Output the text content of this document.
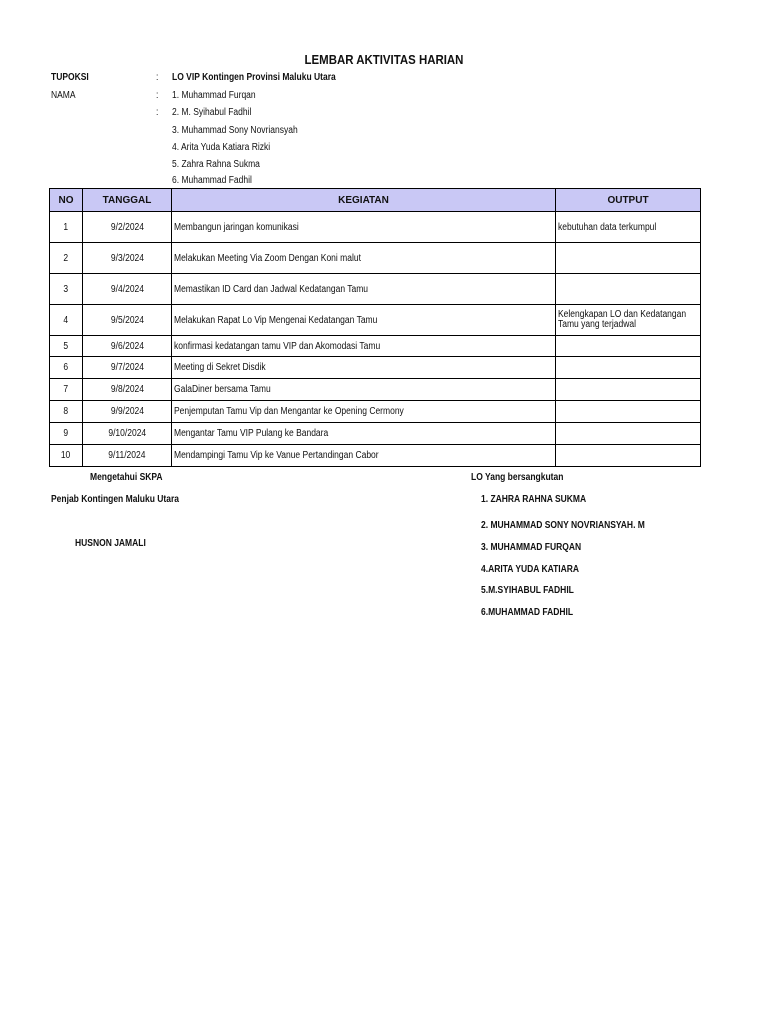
LEMBAR AKTIVITAS HARIAN
TUPOKSI	: LO VIP Kontingen Provinsi Maluku Utara
NAMA	:
:
1. Muhammad Furqan
2. M. Syihabul Fadhil
3. Muhammad Sony Novriansyah
4. Arita Yuda Katiara Rizki
5. Zahra Rahna Sukma
6. Muhammad Fadhil
NO	TANGGAL	KEGIATAN	OUTPUT
1	9/2/2024	Membangun jaringan komunikasi	kebutuhan data terkumpul
2	9/3/2024	Melakukan Meeting Via Zoom Dengan Koni malut	
3	9/4/2024	Memastikan ID Card dan Jadwal Kedatangan Tamu	
4	9/5/2024	Melakukan Rapat Lo Vip Mengenai Kedatangan Tamu	Kelengkapan LO dan Kedatangan Tamu yang terjadwal
5	9/6/2024	konfirmasi kedatangan tamu VIP dan Akomodasi Tamu	
6	9/7/2024	Meeting di Sekret Disdik	
7	9/8/2024	GalaDiner bersama Tamu	
8	9/9/2024	Penjemputan Tamu Vip dan Mengantar ke Opening Cermony	
9	9/10/2024	Mengantar Tamu VIP Pulang ke Bandara	
10	9/11/2024	Mendampingi Tamu Vip ke Vanue Pertandingan Cabor	
Mengetahui SKPA
Penjab Kontingen Maluku Utara
HUSNON JAMALI
LO Yang bersangkutan
1. ZAHRA RAHNA SUKMA
2. MUHAMMAD SONY NOVRIANSYAH. M
3. MUHAMMAD FURQAN
4.ARITA YUDA KATIARA
5.M.SYIHABUL FADHIL
6.MUHAMMAD FADHIL
